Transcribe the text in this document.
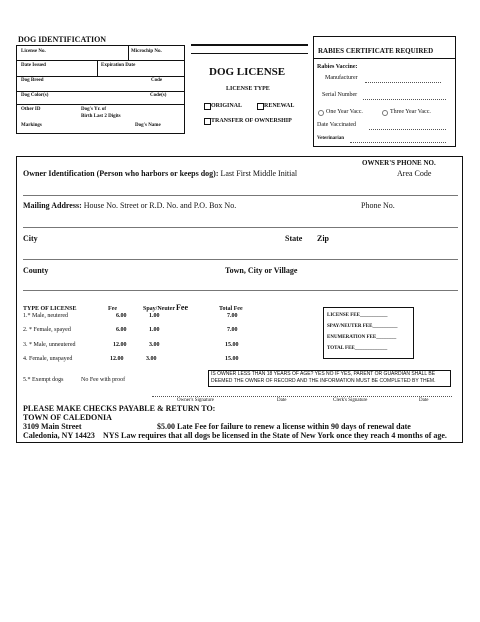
DOG IDENTIFICATION
License No.	Microchip No.
Date Issued	Expiration Date
Dog Breed	Code
Dog Color(s)	Code(s)
Other ID	Dog's Yr. of
Birth Last 2 Digits
Markings	Dog's Name
DOG LICENSE
LICENSE TYPE
ORIGINAL	RENEWAL
TRANSFER OF OWNERSHIP
RABIES CERTIFICATE REQUIRED
Rabies Vaccine:
Manufacturer
Serial Number
One Year Vacc.	Three Year Vacc.
Date Vaccinated
Veterinarian
OWNER'S PHONE NO.
Owner Identification (Person who harbors or keeps dog): Last First Middle Initial	Area Code
Mailing Address: House No. Street or R.D. No. and P.O. Box No.	Phone No.
City	State Zip
County	Town, City or Village
TYPE OF LICENSE	Fee	Spay/Neuter Fee	Total Fee
1.* Male, neutered	6.00	1.00	7.00
2. * Female, spayed	6.00	1.00	7.00
3. * Male, unneutered	12.00	3.00	15.00
4. Female, unspayed	12.00	3.00	15.00
5.* Exempt dogs	No Fee with proof
LICENSE FEE___________
SPAY/NEUTER FEE__________
ENUMERATION FEE________
TOTAL FEE_____________
IS OWNER LESS THAN 18 YEARS OF AGE? YES NO IF YES, PARENT OR GUARDIAN SHALL BE DEEMED THE OWNER OF RECORD AND THE INFORMATION MUST BE COMPLETED BY THEM.
Owner's Signature	Date	Clerk's Signature	Date
PLEASE MAKE CHECKS PAYABLE & RETURN TO:
TOWN OF CALEDONIA
3109 Main Street
Caledonia, NY 14423
$5.00 Late Fee for failure to renew a license within 90 days of renewal date
NYS Law requires that all dogs be licensed in the State of New York once they reach 4 months of age.
